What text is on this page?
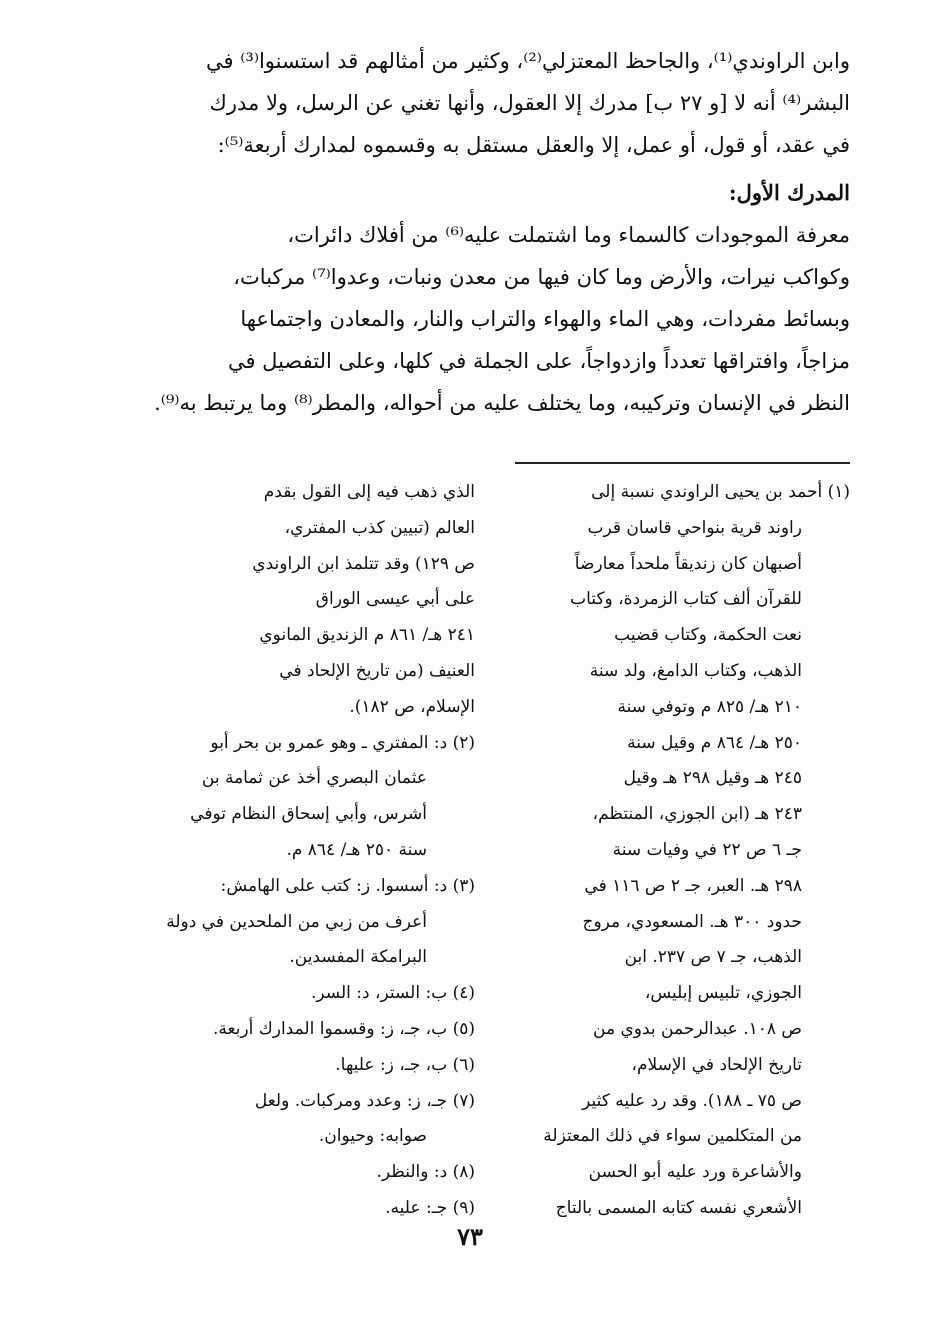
وابن الراوندي⁽¹⁾، والجاحظ المعتزلي⁽²⁾، وكثير من أمثالهم قد استسنوا⁽³⁾ في
البشر⁽⁴⁾ أنه لا [و ٢٧ ب] مدرك إلا العقول، وأنها تغني عن الرسل، ولا مدرك
في عقد، أو قول، أو عمل، إلا والعقل مستقل به وقسموه لمدارك أربعة⁽⁵⁾:
المدرك الأول:
معرفة الموجودات كالسماء وما اشتملت عليه⁽⁶⁾ من أفلاك دائرات،
وكواكب نيرات، والأرض وما كان فيها من معدن ونبات، وعدوا⁽⁷⁾ مركبات،
وبسائط مفردات، وهي الماء والهواء والتراب والنار، والمعادن واجتماعها
مزاجاً، وافتراقها تعدداً وازدواجاً، على الجملة في كلها، وعلى التفصيل في
النظر في الإنسان وتركيبه، وما يختلف عليه من أحواله، والمطر⁽⁸⁾ وما يرتبط به⁽⁹⁾.
(١) أحمد بن يحيى الراوندي نسبة إلى
راوند قرية بنواحي قاسان قرب
أصبهان كان زنديقاً ملحداً معارضاً
للقرآن ألف كتاب الزمردة، وكتاب
نعت الحكمة، وكتاب قضيب
الذهب، وكتاب الدامغ، ولد سنة
٢١٠ هـ/ ٨٢٥ م وتوفي سنة
٢٥٠ هـ/ ٨٦٤ م وقيل سنة
٢٤٥ هـ وقيل ٢٩٨ هـ وقيل
٢٤٣ هـ (ابن الجوزي، المنتظم،
جـ ٦ ص ٢٢ في وفيات سنة
٢٩٨ هـ. العبر، جـ ٢ ص ١١٦ في
حدود ٣٠٠ هـ. المسعودي، مروج
الذهب، جـ ٧ ص ٢٣٧. ابن
الجوزي، تلبيس إبليس،
ص ١٠٨. عبدالرحمن بدوي من
تاريخ الإلحاد في الإسلام،
ص ٧٥ ـ ١٨٨). وقد رد عليه كثير
من المتكلمين سواء في ذلك المعتزلة
والأشاعرة ورد عليه أبو الحسن
الأشعري نفسه كتابه المسمى بالتاج
الذي ذهب فيه إلى القول بقدم
العالم (تبيين كذب المفتري،
ص ١٢٩) وقد تتلمذ ابن الراوندي
على أبي عيسى الوراق
٢٤١ هـ/ ٨٦١ م الزنديق المانوي
العنيف (من تاريخ الإلحاد في
الإسلام، ص ١٨٢).
(٢) د: المفتري ـ وهو عمرو بن بحر أبو
عثمان البصري أخذ عن ثمامة بن
أشرس، وأبي إسحاق النظام توفي
سنة ٢٥٠ هـ/ ٨٦٤ م.
(٣) د: أسسوا. ز: كتب على الهامش:
أعرف من زبي من الملحدين في دولة
البرامكة المفسدين.
(٤) ب: الستر، د: السر.
(٥) ب، جـ، ز: وقسموا المدارك أربعة.
(٦) ب، جـ، ز: عليها.
(٧) جـ، ز: وعدد ومركبات. ولعل
صوابه: وحيوان.
(٨) د: والنظر.
(٩) جـ: عليه.
٧٣
